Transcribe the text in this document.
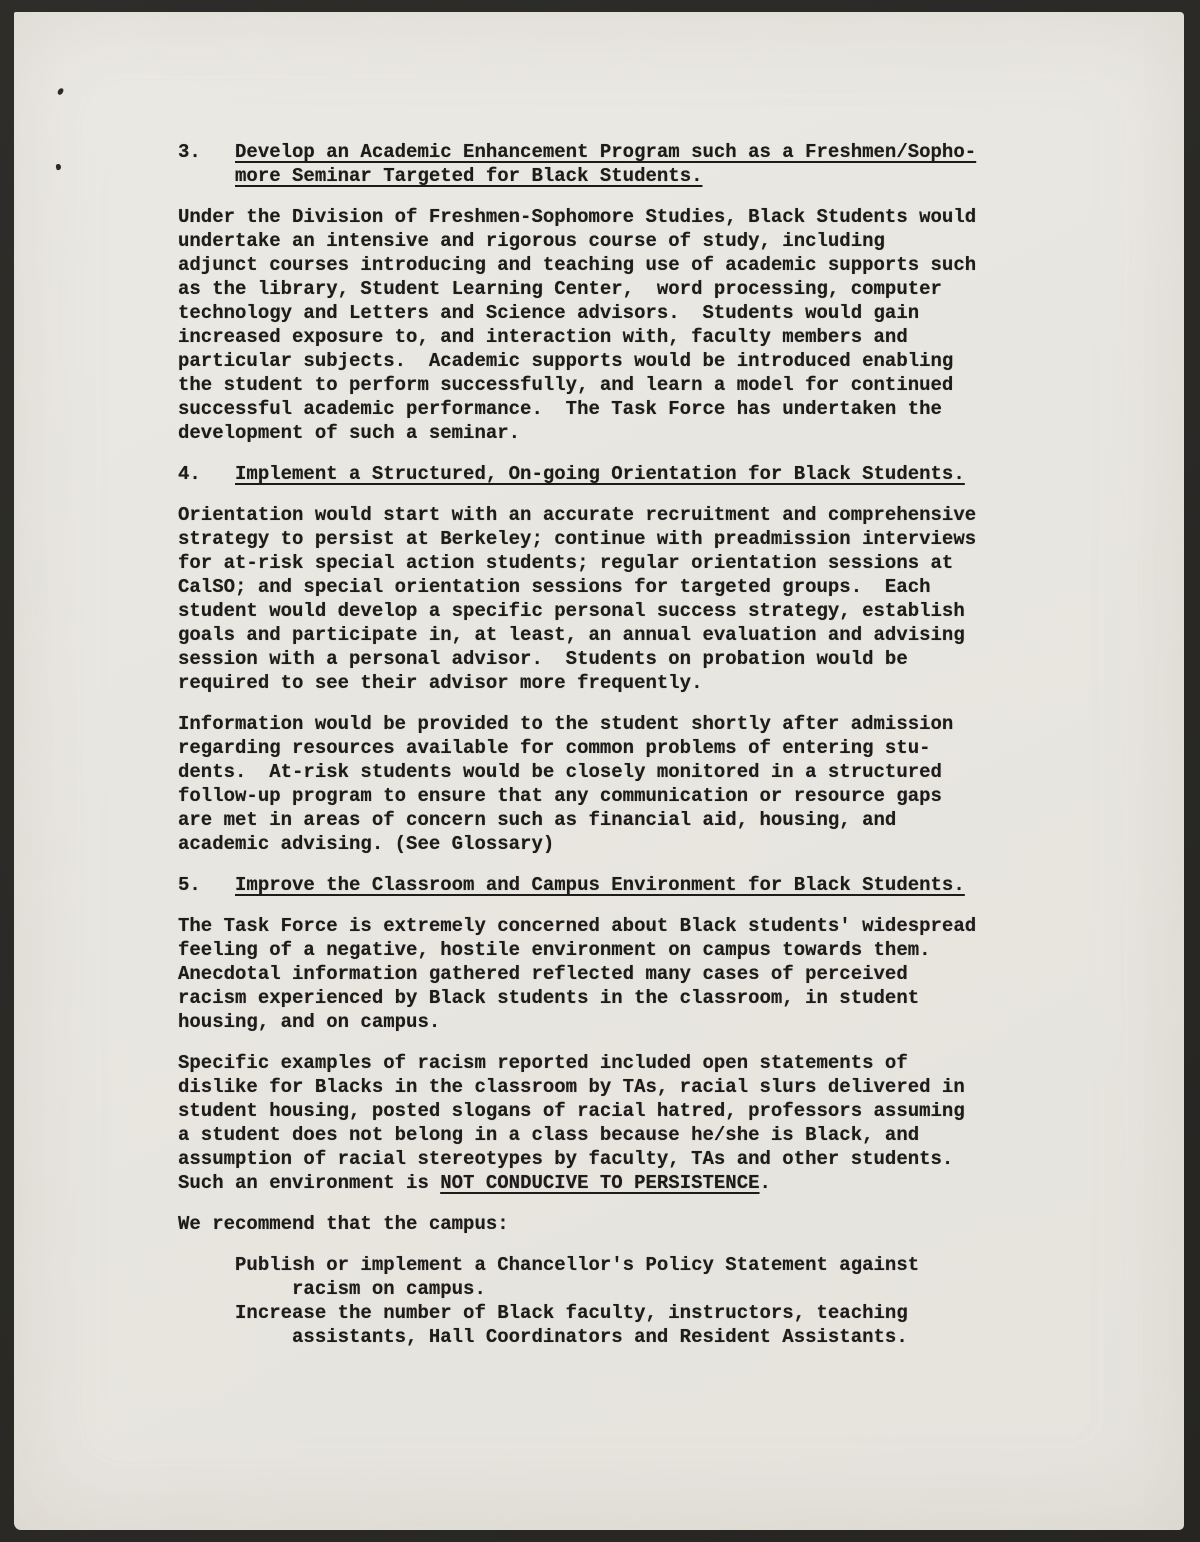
3.   Develop an Academic Enhancement Program such as a Freshmen/Sopho-
more Seminar Targeted for Black Students.
Under the Division of Freshmen-Sophomore Studies, Black Students would
undertake an intensive and rigorous course of study, including
adjunct courses introducing and teaching use of academic supports such
as the library, Student Learning Center,  word processing, computer
technology and Letters and Science advisors.  Students would gain
increased exposure to, and interaction with, faculty members and
particular subjects.  Academic supports would be introduced enabling
the student to perform successfully, and learn a model for continued
successful academic performance.  The Task Force has undertaken the
development of such a seminar.
4.   Implement a Structured, On-going Orientation for Black Students.
Orientation would start with an accurate recruitment and comprehensive
strategy to persist at Berkeley; continue with preadmission interviews
for at-risk special action students; regular orientation sessions at
CalSO; and special orientation sessions for targeted groups.  Each
student would develop a specific personal success strategy, establish
goals and participate in, at least, an annual evaluation and advising
session with a personal advisor.  Students on probation would be
required to see their advisor more frequently.
Information would be provided to the student shortly after admission
regarding resources available for common problems of entering stu-
dents.  At-risk students would be closely monitored in a structured
follow-up program to ensure that any communication or resource gaps
are met in areas of concern such as financial aid, housing, and
academic advising. (See Glossary)
5.   Improve the Classroom and Campus Environment for Black Students.
The Task Force is extremely concerned about Black students' widespread
feeling of a negative, hostile environment on campus towards them.
Anecdotal information gathered reflected many cases of perceived
racism experienced by Black students in the classroom, in student
housing, and on campus.
Specific examples of racism reported included open statements of
dislike for Blacks in the classroom by TAs, racial slurs delivered in
student housing, posted slogans of racial hatred, professors assuming
a student does not belong in a class because he/she is Black, and
assumption of racial stereotypes by faculty, TAs and other students.
Such an environment is NOT CONDUCIVE TO PERSISTENCE.
We recommend that the campus:
Publish or implement a Chancellor's Policy Statement against
racism on campus.
Increase the number of Black faculty, instructors, teaching
assistants, Hall Coordinators and Resident Assistants.
